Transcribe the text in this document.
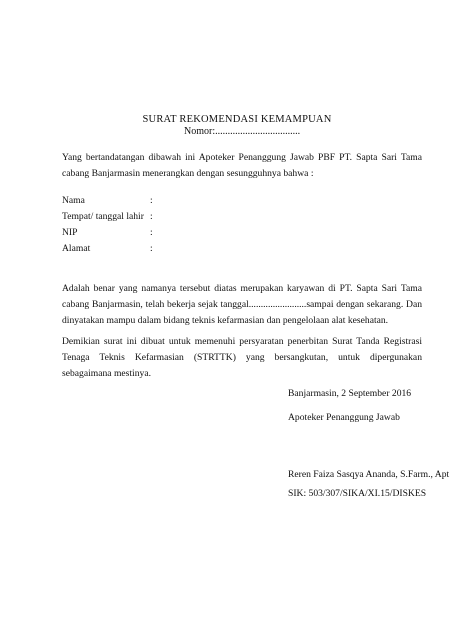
SURAT REKOMENDASI KEMAMPUAN
Nomor:..................................
Yang bertandatangan dibawah ini Apoteker Penanggung Jawab PBF PT. Sapta Sari Tama
cabang Banjarmasin menerangkan dengan sesungguhnya bahwa :
Nama	:
Tempat/ tanggal lahir :
NIP	:
Alamat	:
Adalah benar yang namanya tersebut diatas merupakan karyawan di PT. Sapta Sari Tama
cabang Banjarmasin, telah bekerja sejak tanggal........................sampai dengan sekarang. Dan
dinyatakan mampu dalam bidang teknis kefarmasian dan pengelolaan alat kesehatan.
Demikian surat ini dibuat untuk memenuhi persyaratan penerbitan Surat Tanda Registrasi
Tenaga Teknis Kefarmasian (STRTTK) yang bersangkutan, untuk dipergunakan
sebagaimana mestinya.
Banjarmasin, 2 September 2016
Apoteker Penanggung Jawab
Reren Faiza Sasqya Ananda, S.Farm., Apt
SIK: 503/307/SIKA/XI.15/DISKES
